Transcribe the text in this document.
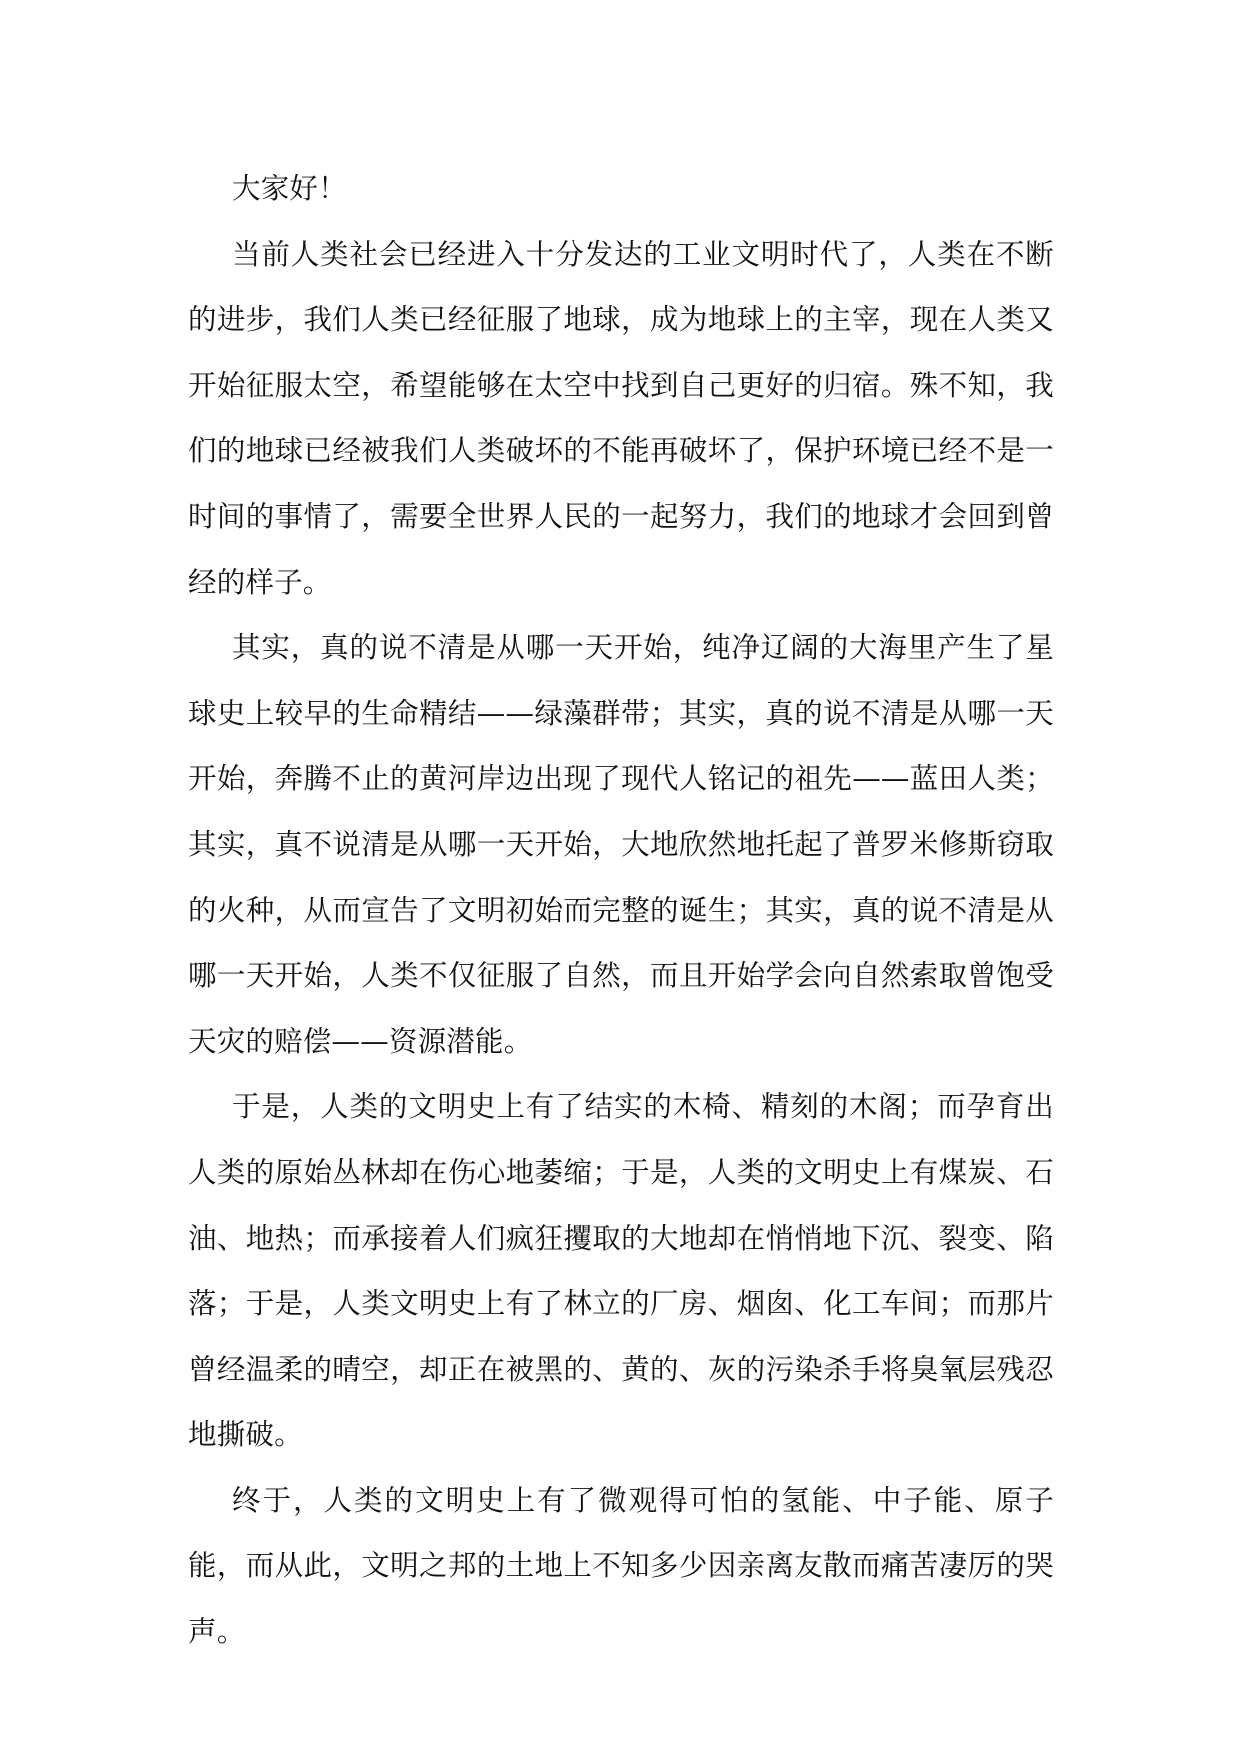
大家好！

当前人类社会已经进入十分发达的工业文明时代了，人类在不断的进步，我们人类已经征服了地球，成为地球上的主宰，现在人类又开始征服太空，希望能够在太空中找到自己更好的归宿。殊不知，我们的地球已经被我们人类破坏的不能再破坏了，保护环境已经不是一时间的事情了，需要全世界人民的一起努力，我们的地球才会回到曾经的样子。

其实，真的说不清是从哪一天开始，纯净辽阔的大海里产生了星球史上较早的生命精结——绿藻群带；其实，真的说不清是从哪一天开始，奔腾不止的黄河岸边出现了现代人铭记的祖先——蓝田人类；其实，真不说清是从哪一天开始，大地欣然地托起了普罗米修斯窃取的火种，从而宣告了文明初始而完整的诞生；其实，真的说不清是从哪一天开始，人类不仅征服了自然，而且开始学会向自然索取曾饱受天灾的赔偿——资源潜能。

于是，人类的文明史上有了结实的木椅、精刻的木阁；而孕育出人类的原始丛林却在伤心地萎缩；于是，人类的文明史上有煤炭、石油、地热；而承接着人们疯狂攫取的大地却在悄悄地下沉、裂变、陷落；于是，人类文明史上有了林立的厂房、烟囱、化工车间；而那片曾经温柔的晴空，却正在被黑的、黄的、灰的污染杀手将臭氧层残忍地撕破。

终于，人类的文明史上有了微观得可怕的氢能、中子能、原子能，而从此，文明之邦的土地上不知多少因亲离友散而痛苦凄厉的哭声。
